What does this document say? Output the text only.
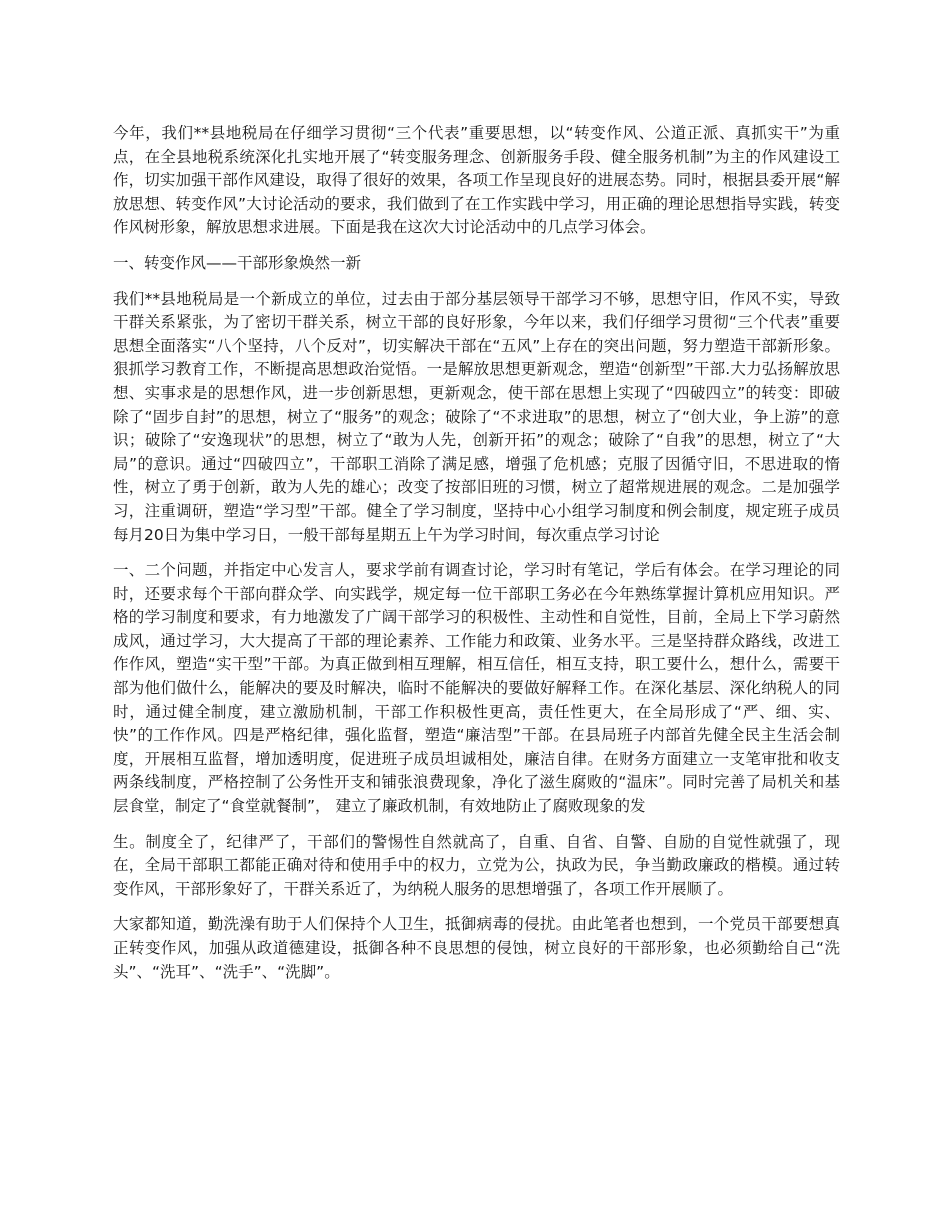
今年，我们**县地税局在仔细学习贯彻“三个代表”重要思想，以“转变作风、公道正派、真抓实干”为重点，在全县地税系统深化扎实地开展了“转变服务理念、创新服务手段、健全服务机制”为主的作风建设工作，切实加强干部作风建设，取得了很好的效果，各项工作呈现良好的进展态势。同时，根据县委开展“解放思想、转变作风”大讨论活动的要求，我们做到了在工作实践中学习，用正确的理论思想指导实践，转变作风树形象，解放思想求进展。下面是我在这次大讨论活动中的几点学习体会。

一、转变作风——干部形象焕然一新

我们**县地税局是一个新成立的单位，过去由于部分基层领导干部学习不够，思想守旧，作风不实，导致干群关系紧张，为了密切干群关系，树立干部的良好形象，今年以来，我们仔细学习贯彻“三个代表”重要思想全面落实“八个坚持，八个反对”，切实解决干部在“五风”上存在的突出问题，努力塑造干部新形象。狠抓学习教育工作，不断提高思想政治觉悟。一是解放思想更新观念，塑造“创新型”干部.大力弘扬解放思想、实事求是的思想作风，进一步创新思想，更新观念，使干部在思想上实现了“四破四立”的转变：即破除了“固步自封”的思想，树立了“服务”的观念；破除了“不求进取”的思想，树立了“创大业，争上游”的意识；破除了“安逸现状”的思想，树立了“敢为人先，创新开拓”的观念；破除了“自我”的思想，树立了“大局”的意识。通过“四破四立”，干部职工消除了满足感，增强了危机感；克服了因循守旧，不思进取的惰性，树立了勇于创新，敢为人先的雄心；改变了按部旧班的习惯，树立了超常规进展的观念。二是加强学习，注重调研，塑造“学习型”干部。健全了学习制度，坚持中心小组学习制度和例会制度，规定班子成员每月20日为集中学习日，一般干部每星期五上午为学习时间，每次重点学习讨论

一、二个问题，并指定中心发言人，要求学前有调查讨论，学习时有笔记，学后有体会。在学习理论的同时，还要求每个干部向群众学、向实践学，规定每一位干部职工务必在今年熟练掌握计算机应用知识。严格的学习制度和要求，有力地激发了广阔干部学习的积极性、主动性和自觉性，目前，全局上下学习蔚然成风，通过学习，大大提高了干部的理论素养、工作能力和政策、业务水平。三是坚持群众路线，改进工作作风，塑造“实干型”干部。为真正做到相互理解，相互信任，相互支持，职工要什么，想什么，需要干部为他们做什么，能解决的要及时解决，临时不能解决的要做好解释工作。在深化基层、深化纳税人的同时，通过健全制度，建立激励机制，干部工作积极性更高，责任性更大，在全局形成了“严、细、实、快”的工作作风。四是严格纪律，强化监督，塑造“廉洁型”干部。在县局班子内部首先健全民主生活会制度，开展相互监督，增加透明度，促进班子成员坦诚相处，廉洁自律。在财务方面建立一支笔审批和收支两条线制度，严格控制了公务性开支和铺张浪费现象，净化了滋生腐败的“温床”。同时完善了局机关和基层食堂，制定了“食堂就餐制”， 建立了廉政机制，有效地防止了腐败现象的发

生。制度全了，纪律严了，干部们的警惕性自然就高了，自重、自省、自警、自励的自觉性就强了，现在，全局干部职工都能正确对待和使用手中的权力，立党为公，执政为民，争当勤政廉政的楷模。通过转变作风，干部形象好了，干群关系近了，为纳税人服务的思想增强了，各项工作开展顺了。

大家都知道，勤洗澡有助于人们保持个人卫生，抵御病毒的侵扰。由此笔者也想到，一个党员干部要想真正转变作风，加强从政道德建设，抵御各种不良思想的侵蚀，树立良好的干部形象，也必须勤给自己“洗头”、“洗耳”、“洗手”、“洗脚”。
